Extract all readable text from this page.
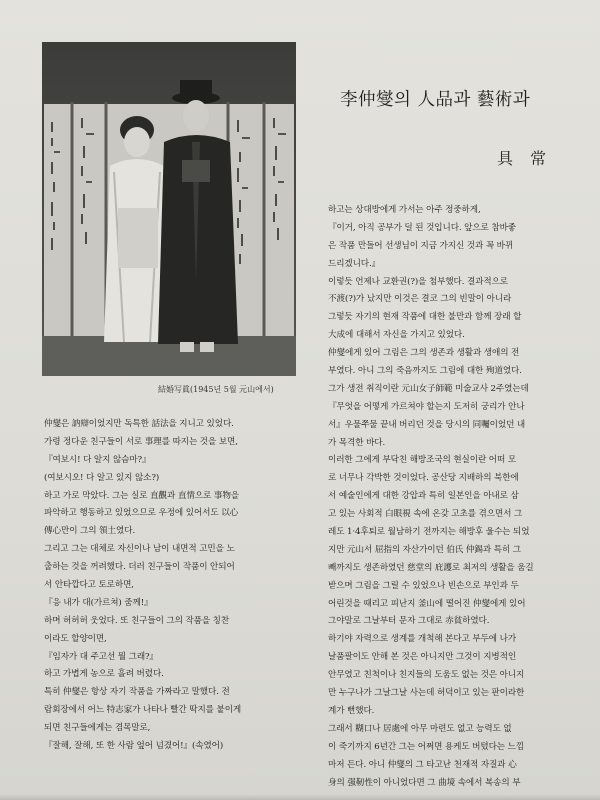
結婚写眞(1945년 5월 元山에서)
李仲燮의 人品과 藝術과
具 常
仲燮은 訥辯이었지만 독특한 話法을 지니고 있었다.
가령 정다운 친구들이 서로 事理를 따지는 것을 보면,
『여보시! 다 알지 않슴마?』
(여보시오! 다 알고 있지 않소?)
하고 가로 막았다. 그는 실로 直觀과 直情으로 事物을
파악하고 행동하고 있었으므로 우정에 있어서도 以心
傳心만이 그의 領土였다.
그리고 그는 대체로 자신이나 남이 내면적 고민을 노
출하는 것을 꺼려했다. 더러 친구들이 작품이 안되어
서 안타깝다고 토로하면,
『응 내가 대(가르쳐) 줌께!』
하며 허허허 웃었다. 또 친구들이 그의 작품을 칭찬
이라도 할양이면,
『임자가 대 주고선 뭘 그래?』
하고 가볍게 농으로 흘려 버렸다.
특히 仲燮은 항상 자기 작품을 가짜라고 말했다. 전
람회장에서 어느 特志家가 나타나 빨간 딱지를 붙이게
되면 친구들에게는 겸목말로,
『잘해, 잘해, 또 한 사람 엎어 넘겼어!』(속였어)
하고는 상대방에게 가서는 아주 정중하게,
『이거, 아직 공부가 덜 된 것입니다. 앞으로 참바좋
은 작품 만들어 선생님이 지금 가지신 것과 꼭 바뀌
드리겠니다.』
이렇듯 언제나 교환권(?)을 첨부했다. 결과적으로
不渡(?)가 났지만 이것은 결코 그의 빈말이 아니라
그렇듯 자기의 현재 작품에 대한 불만과 함께 장래 할
大成에 대해서 자신을 가지고 있었다.
仲燮에게 있어 그림은 그의 생존과 생활과 생애의 전
부였다. 아니 그의 죽음까지도 그림에 대한 殉道였다.
그가 생전 취직이란 元山女子師範 미술교사 2주였는데
『무엇을 어떻게 가르쳐야 할는지 도저히 궁리가 안나
서』우물쭈물 끝내 버리던 것을 당시의 同囑이었던 내
가 목격한 바다.
이러한 그에게 부닥친 해방조국의 현실이란 어떠 모
로 너무나 각박한 것이었다. 공산당 지배하의 북한에
서 예술인에게 대한 강압과 특히 일본인을 아내로 삼
고 있는 사회적 白眼視 속에 온갖 고초를 겪으면서 그
레도 1·4후퇴로 월남하기 전까지는 해방후 울수는 되었
지만 元山서 屈指의 자산가이던 伯氏 仲錫과 특히 그
빼까지도 생존하였던 慈堂의 庇護로 최저의 생활을 움길
받으며 그림을 그릴 수 있었으나 빈손으로 부인과 두
어린것을 때리고 피난지 釜山에 떨어진 仲燮에게 있어
그야말로 그날부터 문자 그대로 赤貧하였다.
하기야 자력으로 생계를 개척해 본다고 부두에 나가
날품팔이도 안해 본 것은 아니지만 그것이 지병적인
안무였고 친척이나 친지들의 도움도 없는 것은 아니지
만 누구나가 그날그날 사는데 허덕이고 있는 판이라한
계가 뻔했다.
그래서 糊口나 居處에 아무 마련도 없고 능력도 없
이 죽기까지 6년간 그는 어쩌면 용케도 버텼다는 느낌
마저 든다. 아니 仲燮의 그 타고난 천재적 자질과 心
身의 强靭性이 아니었다면 그 曲境 속에서 복송의 부
